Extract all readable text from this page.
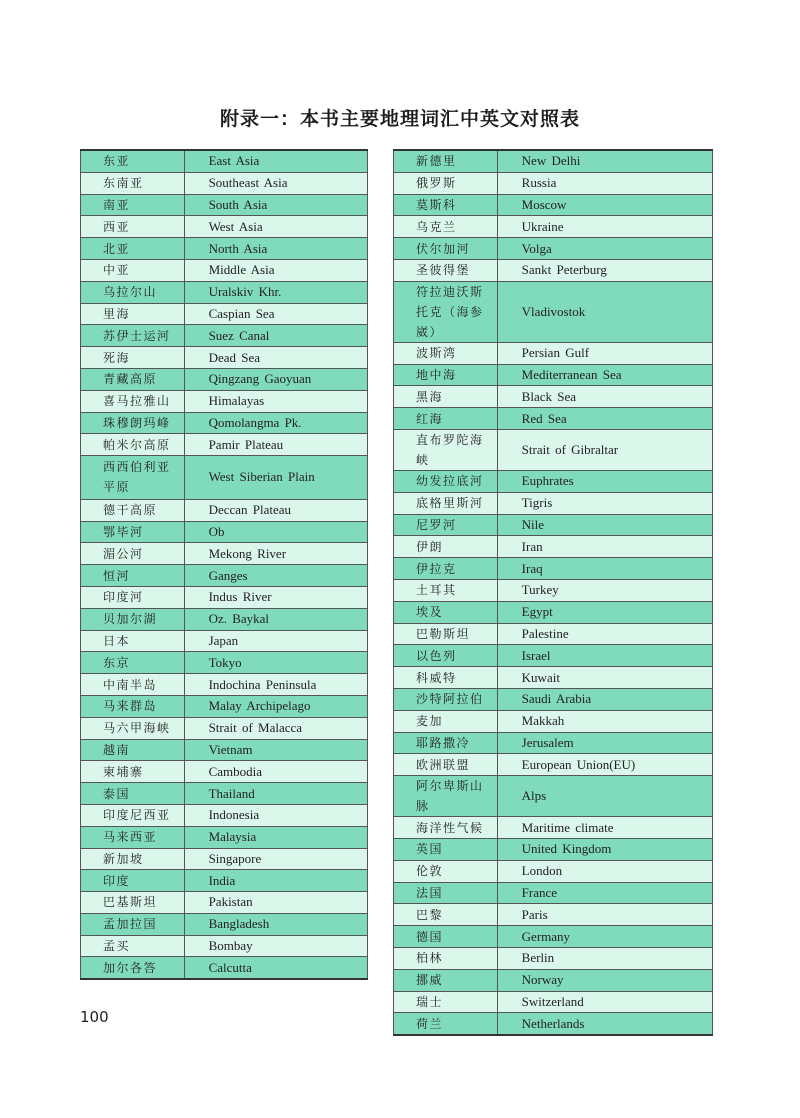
附录一：本书主要地理词汇中英文对照表
东亚	East Asia
东南亚	Southeast Asia
南亚	South Asia
西亚	West Asia
北亚	North Asia
中亚	Middle Asia
乌拉尔山	Uralskiv Khr.
里海	Caspian Sea
苏伊士运河	Suez Canal
死海	Dead Sea
青藏高原	Qingzang Gaoyuan
喜马拉雅山	Himalayas
珠穆朗玛峰	Qomolangma Pk.
帕米尔高原	Pamir Plateau
西西伯利亚平原	West Siberian Plain
德干高原	Deccan Plateau
鄂毕河	Ob
湄公河	Mekong River
恒河	Ganges
印度河	Indus River
贝加尔湖	Oz. Baykal
日本	Japan
东京	Tokyo
中南半岛	Indochina Peninsula
马来群岛	Malay Archipelago
马六甲海峡	Strait of Malacca
越南	Vietnam
柬埔寨	Cambodia
泰国	Thailand
印度尼西亚	Indonesia
马来西亚	Malaysia
新加坡	Singapore
印度	India
巴基斯坦	Pakistan
孟加拉国	Bangladesh
孟买	Bombay
加尔各答	Calcutta
新德里	New Delhi
俄罗斯	Russia
莫斯科	Moscow
乌克兰	Ukraine
伏尔加河	Volga
圣彼得堡	Sankt Peterburg
符拉迪沃斯托克（海参崴）	Vladivostok
波斯湾	Persian Gulf
地中海	Mediterranean Sea
黑海	Black Sea
红海	Red Sea
直布罗陀海峡	Strait of Gibraltar
幼发拉底河	Euphrates
底格里斯河	Tigris
尼罗河	Nile
伊朗	Iran
伊拉克	Iraq
土耳其	Turkey
埃及	Egypt
巴勒斯坦	Palestine
以色列	Israel
科威特	Kuwait
沙特阿拉伯	Saudi Arabia
麦加	Makkah
耶路撒冷	Jerusalem
欧洲联盟	European Union(EU)
阿尔卑斯山脉	Alps
海洋性气候	Maritime climate
英国	United Kingdom
伦敦	London
法国	France
巴黎	Paris
德国	Germany
柏林	Berlin
挪威	Norway
瑞士	Switzerland
荷兰	Netherlands
100
